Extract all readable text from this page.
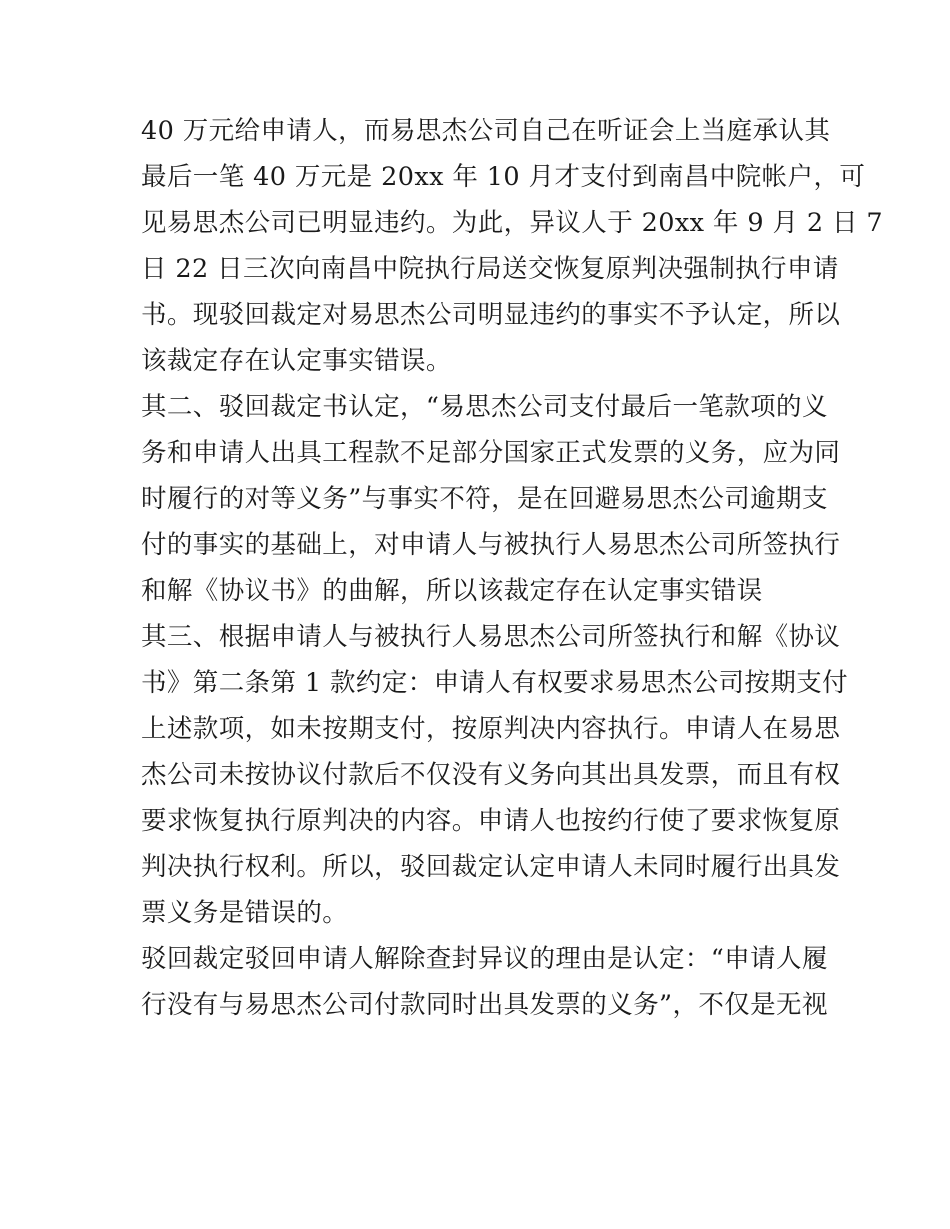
40 万元给申请人，而易思杰公司自己在听证会上当庭承认其
最后一笔 40 万元是 20xx 年 10 月才支付到南昌中院帐户，可
见易思杰公司已明显违约。为此，异议人于 20xx 年 9 月 2 日 7
日 22 日三次向南昌中院执行局送交恢复原判决强制执行申请
书。现驳回裁定对易思杰公司明显违约的事实不予认定，所以
该裁定存在认定事实错误。
其二、驳回裁定书认定，“易思杰公司支付最后一笔款项的义
务和申请人出具工程款不足部分国家正式发票的义务，应为同
时履行的对等义务”与事实不符，是在回避易思杰公司逾期支
付的事实的基础上，对申请人与被执行人易思杰公司所签执行
和解《协议书》的曲解，所以该裁定存在认定事实错误
其三、根据申请人与被执行人易思杰公司所签执行和解《协议
书》第二条第 1 款约定：申请人有权要求易思杰公司按期支付
上述款项，如未按期支付，按原判决内容执行。申请人在易思
杰公司未按协议付款后不仅没有义务向其出具发票，而且有权
要求恢复执行原判决的内容。申请人也按约行使了要求恢复原
判决执行权利。所以，驳回裁定认定申请人未同时履行出具发
票义务是错误的。
驳回裁定驳回申请人解除查封异议的理由是认定：“申请人履
行没有与易思杰公司付款同时出具发票的义务”，不仅是无视
